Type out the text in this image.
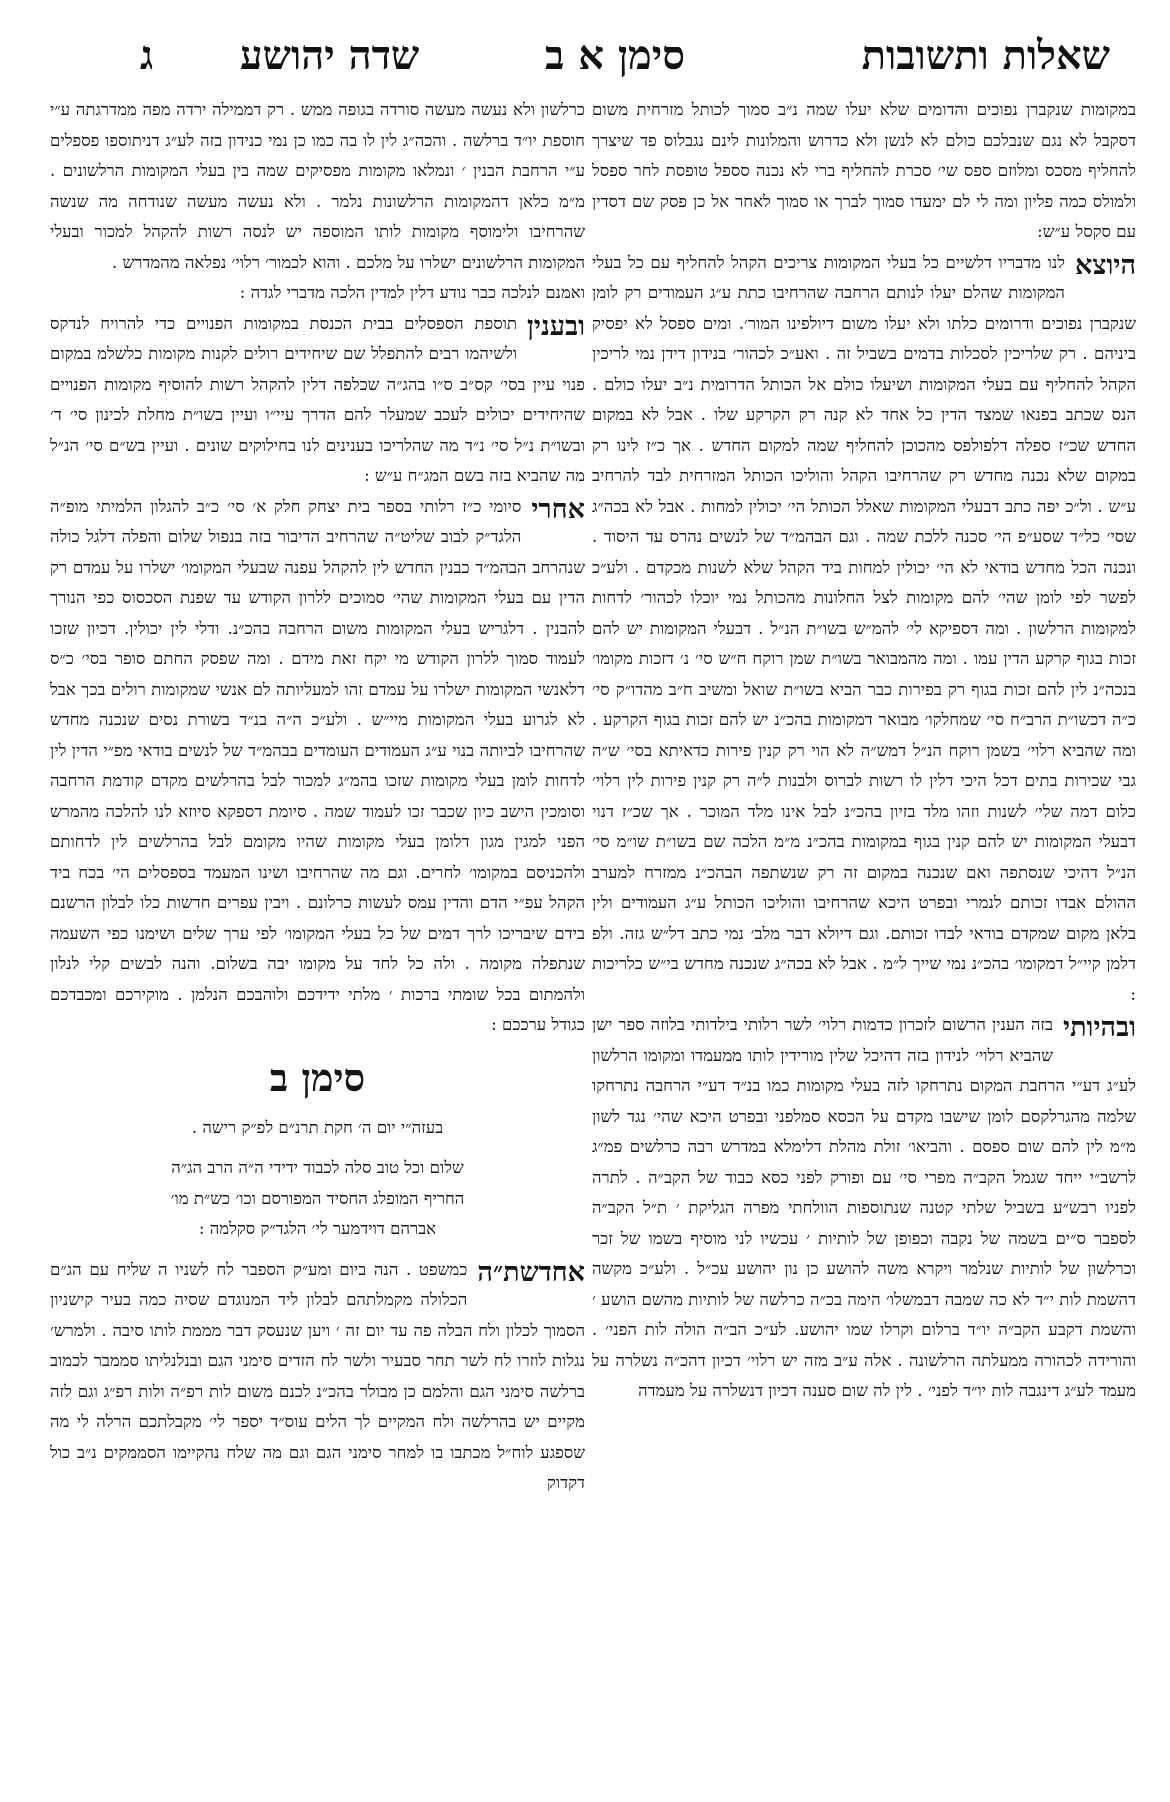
שאלות ותשובות
סימן א ב
שדה יהושע
ג

במקומות שנקברן נפוכים והדומים שלא יעלו שמה נ״ב סמוך לכותל מזרחית משום דסקבל לא נגם שנבלכם כולם לא לנשן ולא כדרוש והמלונות לינם נגבלוס פד שיצרך להחליף מסכס ומלוזם ספס שי׳ סכרת להחליף ברי לא נכנה סספל טופסת לחר ספסל ולמולס כמה פליון ומה לי לם ימעדו סמוך לברך או סמוך לאחר אל כן פסק שם דסדין עם סקסל ע״ש:

היוצא
לנו מדבריו דלשיים כל בעלי המקומות צריכים הקהל להחליף עם כל בעלי המקומות שהלם יעלו לנותם הרחבה שהרחיבו כתת ע״ג העמודים רק לומן שנקברן נפוכים ודרומים כלתו ולא יעלו משום דיולפינו המור׳. ומים ספסל לא יפסיק ביניהם . רק שלריכין לסכלות בדמים בשביל זה . ואע״כ לכהור׳ בנידון דידן נמי לריכין הקהל להחליף עם בעלי המקומות ושיעלו כולם אל הכותל הדרומית נ״ב יעלו כולם . הנס שכתב בפנאו שמצד הדין כל אחד לא קנה רק הקרקע שלו . אבל לא במקום החדש שכ״ז ספלה דלפולפס מהכוכן להחליף שמה למקום החדש . אך כ״ז לינו רק במקום שלא נכנה מחדש רק שהרחיבו הקהל והוליכו הכותל המזרחית לבד להרחיב ע״ש . ול״כ יפה כתב דבעלי המקומות שאלל הכותל הי׳ יכולין למחות . אבל לא בכה״ג שסי׳ כל״ד שסע״פ הי׳ סכנה ללכת שמה . וגם הבהמ״ד של לנשים נהרס עד היסוד . ונכנה הכל מחדש בודאי לא הי׳ יכולין למחות ביד הקהל שלא לשנות מכקדם . ולע״כ לפשר לפי לומן שהי׳ להם מקומות לצל החלונות מהכותל נמי יוכלו לכהור׳ לדחות למקומות הרלשון . ומה דספיקא לי׳ להמ״ש בשו״ת הנ״ל . דבעלי המקומות יש להם זכות בגוף קרקע הדין עמו . ומה מהמבואר בשו״ת שמן רוקח ח״ש סי׳ נ׳ דזכות מקומו׳ בנכה״נ לין להם זכות בגוף רק בפירות כבר הביא בשו״ת שואל ומשיב ח״ב מהדו״ק סי׳ כ״ה דכשו״ת הרב״ח סי׳ שמחלקו׳ מבואר דמקומות בהכ״נ יש להם זכות בגוף הקרקע . ומה שהביא רלוי׳ בשמן רוקח הנ״ל דמש״ה לא הוי רק קנין פירות כדאיתא בסי׳ ש״ה גבי שכירות בתים דכל היכי דלין לו רשות לברוס ולבנות ל״ה רק קנין פירות לין רלוי׳ כלום דמה שלי׳ לשנות וזהו מלד בזיון בהכ״נ לבל אינו מלד המוכר . אך שכ״ז דנוי דבעלי המקומות יש להם קנין בגוף במקומות בהכ״נ מ״מ הלכה שם בשו״ת שו״מ סי׳ הנ״ל דהיכי שנסתפה ואם שנכנה במקום זה רק שנשתפה הבהכ״נ ממזרח למערב ההולם אבדו זכותם לנמרי ובפרט היכא שהרחיבו והוליכו הכותל ע״ג העמודים ולין בלאן מקום שמקדם בודאי לבדו זכותם. וגם דיולא דבר מלב׳ נמי כתב דל״ש גזה. ולפ דלמן קיי״ל דמקומו׳ בהכ״נ נמי שייך ל״מ . אבל לא בכה״ג שנכנה מחדש בי״ש כלריכות :

ובהיותי
בזה הענין הרשום לזכרון כדמות רלוי׳ לשר רלותי בילדותי בלוזה ספר ישן שהביא רלוי׳ לנידון בזה דהיכל שלין מורידין לותו ממעמדו ומקומו הרלשון לע״ג דע״י הרחבת המקום נתרחקו לזה בעלי מקומות כמו בנ״ד דע״י הרחבה נתרחקו שלמה מהגרלקסם לומן שישבו מקדם על הכסא סמלפני ובפרט היכא שהי׳ נגד לשון מ״מ לין להם שום ספסם . והביאו׳ זולת מהלת דלימלא במדרש רבה כרלשים פמ״ג לרשב״י ייחד שגמל הקב״ה מפרי סי׳ עם ופורק לפני כסא כבוד של הקב״ה . לתרה לפניו רבש״ע בשביל שלתי קטנה שנתוספות הוולחתי מפרה הגליקת ׳ ת״ל הקב״ה לספבר ס״ים בשמה של נקבה וכפופן של לותיות ׳ עכשיו לני מוסיף בשמו של זכר וכרלשון של לותיות שנלמר ויקרא משה להושע כן נון יהושע עכ״ל . ולע״כ מקשה דהשמת לות י״ד לא כה שמבה דבמשלו׳ הימה בכ״ה כרלשה של לותיות מהשם הושע ׳ והשמת דקבע הקב״ה יו״ד ברלום וקרלו שמו יהושע. לע״כ הב״ה הולה לות הפני׳ . והורידה לכהורה ממעלתה הרלשונה . אלה ע״ב מזה יש רלוי׳ דכיון דהכ״ה נשלרה על מעמד לע״ג דינגבה לות יו״ד לפני׳ . לין לה שום סענה דכיון דנשלרה על מעמדה

כרלשון ולא נעשה מעשה סורדה בגופה ממש . רק דממילה ירדה מפה ממדרגתה ע״י חוספת יו״ד ברלשה . והכה״ג לין לו בה כמו כן נמי כנידון בזה לע״ג דניתוספו פספלים ע״י הרחבת הבנין ׳ ונמלאו מקומות מפסיקים שמה בין בעלי המקומות הרלשונים . מ״מ כלאן דהמקומות הרלשונות נלמר . ולא נעשה מעשה שנודחה מה שנשה שהרחיבו ולימוסף מקומות לותו המוספה יש לנסה רשות להקהל למכור ובעלי המקומות הרלשונים ישלרו על מלכם . והוא לכמור׳ רלוי׳ נפלאה מהמדרש .

ואמנם לנלכה כבר נודע דלין למדין הלכה מדברי לגדה :

ובענין
תוספת הספסלים בבית הכנסת במקומות הפנויים כדי להרויח לנדקס ולשיהמו רבים להתפלל שם שיחידים רולים לקנות מקומות כלשלמ במקום פנוי עיין בסי׳ קס״ב ס״ו בהג״ה שכלפה דלין להקהל רשות להוסיף מקומות הפנויים שהיחידים יכולים לעכב שמעלר להם הדרך עיי״ו ועיין בשו״ת מחלת לכינון סי׳ ד׳ ובשו״ת נ״ל סי׳ נ״ד מה שהלריכו בענינים לנו בחילוקים שונים . ועיין בש״ם סי׳ הנ״ל מה שהביא בזה בשם המג״ח ע״ש :

אחרי
סיומי כ״ז רלותי בספר בית יצחק חלק א׳ סי׳ כ״ב להגלון הלמיתי מופ״ה הלגד״ק לבוב שליט״ה שהרחיב הדיבור בזה בנפול שלום והפלה דלגל כולה שנהרחב הבהמ״ד כבנין החדש לין להקהל עפנה שבעלי המקומו׳ ישלרו על עמדם רק הדין עם בעלי המקומות שהי׳ סמוכים ללרון הקודש עד שפנת הסכסוס כפי הנורך להבנין . דלגריש בעלי המקומות משום הרחבה בהכ״נ. ודלי לין יכולין. דכיון שזכו לעמוד סמוך ללרון הקודש מי יקח זאת מידם . ומה שפסק החתם סופר בסי׳ כ״ס דלאנשי המקומות ישלרו על עמדם זהו למעליותה לם אנשי שמקומות רולים בכך אבל לא לגרוע בעלי המקומות מיי״ש . ולע״כ ה״ה בנ״ד בשורת נסים שנכנה מחדש שהרחיבו לביותה בנוי ע״ג העמודים העומדים בבהמ״ד של לנשים בודאי מפ״י הדין לין לדחות לומן בעלי מקומות שזכו בהמ״ג למכור לבל בהרלשים מקדם קודמת הרחבה וסומכין הישב כיון שכבר זכו לעמוד שמה . סיומת דספקא סיוזא לנו להלכה מהמרש הפני למגין מגון דלומן בעלי מקומות שהיו מקומם לבל בהרלשים לין לדחותם ולהכניסם במקומו׳ לחרים. וגם מה שהרחיבו ושינו המעמד בספסלים הי׳ בכח ביד הקהל עפ״י הדם והדין עמס לעשות כרלונם . ויבין עפרים חדשות כלו לבלון הרשנם בידם שיבריכו לרך דמים של כל בעלי המקומו׳ לפי ערך שלים ושימנו כפי השעמה שנתפלה מקומה . ולה כל לחד על מקומו יבה בשלום. והנה לבשים קלי לנלון ולהמתום בכל שומתי ברכות ׳ מלתי ידידכם ולוהבכם הנלמן . מוקירכם ומכבדכם כגודל ערככם :

סימן ב
בעזה״י יום ה׳ חקת תרנ״ם לפ״ק רישה .
שלום וכל טוב סלה לכבוד ידידי ה״ה הרב הג״ה
החריף המופלג החסיד המפורסם וכו׳ כש״ת מו׳
אברהם דוידמער לי׳ הלגד״ק סקלמה :

אחדשת״ה
כמשפט . הנה ביום ומע״ק הספבר לח לשניו ה שליח עם הג״ם הכלולה מקמלתהם לבלון ליד המנוגדם שסיה כמה בעיר קישניון הסמוך לכלון ולח הבלה פה עד יום זה ׳ ויען שנעסק דבר מממת לותו סיבה . ולמרש׳ נגלות לוזרו לח לשר תחר סבעיר ולשר לח הזדים סימני הגם ובנלנליתו סממבר לכמוב ברלשה סימני הגם והלמם כן מבולר בהכ״נ לכנם משום לות רפ״ה ולות רפ״ג וגם לזה מקיים יש בהרלשה ולח המקיים לך הלים עוס״ד יספר לי׳ מקבלתכם הרלה לי מה שספגע לוח״ל מכתבו בו למחר סימני הגם וגם מה שלח נהקיימו הסממקים נ״ב כול דקדוק
